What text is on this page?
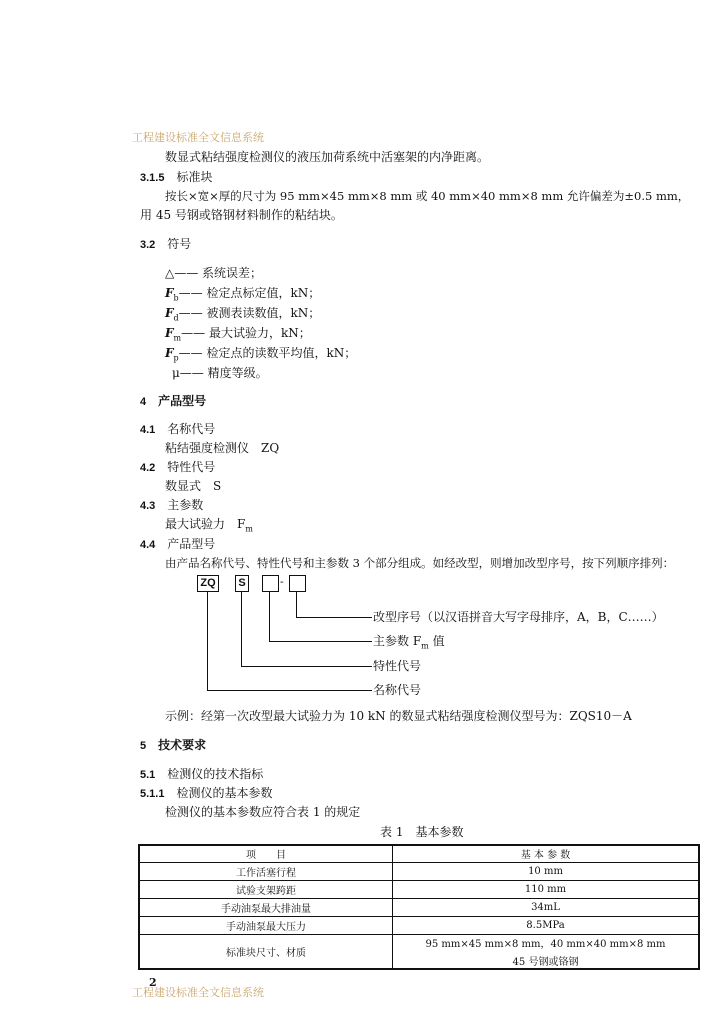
工程建设标准全文信息系统
数显式粘结强度检测仪的液压加荷系统中活塞架的内净距离。
3.1.5 标准块
按长×宽×厚的尺寸为 95 mm×45 mm×8 mm 或 40 mm×40 mm×8 mm 允许偏差为±0.5 mm，
用 45 号钢或铬钢材料制作的粘结块。
3.2 符号
△—— 系统误差；
$F_b——$ 检定点标定值，kN；
$F_d——$ 被测表读数值，kN；
$F_m——$ 最大试验力，kN；
$F_p——$ 检定点的读数平均值，kN；
μ—— 精度等级。
4 产品型号
4.1 名称代号
粘结强度检测仪　ZQ
4.2 特性代号
数显式　S
4.3 主参数
最大试验力　$F_m$
4.4 产品型号
由产品名称代号、特性代号和主参数 3 个部分组成。如经改型，则增加改型序号，按下列顺序排列：
ZQ	S	-
改型序号（以汉语拼音大写字母排序，A，B，C……）
主参数 $F_m$ 值
特性代号
名称代号
示例：经第一次改型最大试验力为 10 kN 的数显式粘结强度检测仪型号为：ZQS10－A
5 技术要求
5.1 检测仪的技术指标
5.1.1 检测仪的基本参数
检测仪的基本参数应符合表 1 的规定
表 1　基本参数
项　　目	基 本 参 数
工作活塞行程	10 mm
试验支架跨距	110 mm
手动油泵最大排油量	34mL
手动油泵最大压力	8.5MPa
标准块尺寸、材质	95 mm×45 mm×8 mm，40 mm×40 mm×8 mm
45 号钢或铬钢
2
工程建设标准全文信息系统
